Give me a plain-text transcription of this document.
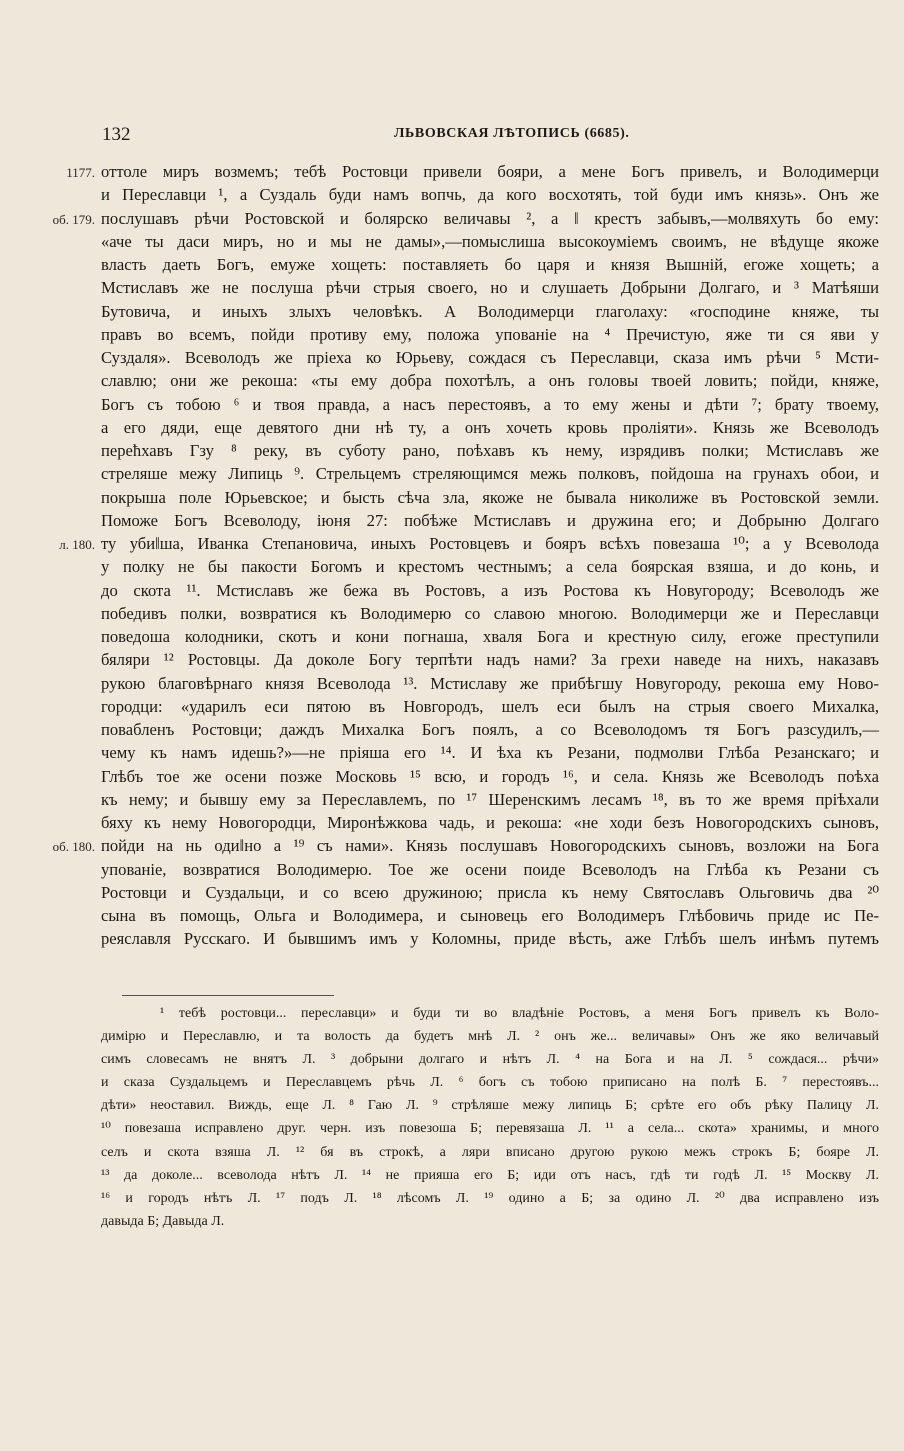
132	ЛЬВОВСКАЯ ЛѢТОПИСЬ (6685).
1177. оттоле миръ возмемъ; тебѣ Ростовци привели бояри, а мене Богъ привелъ, и Володимерци
и Переславци ¹, а Суздаль буди намъ вопчь, да кого восхотять, той буди имъ князь». Онъ же
об. 179. послушавъ рѣчи Ростовской и болярско величавы ², а ‖ крестъ забывъ,—молвяхуть бо ему:
«аче ты даси миръ, но и мы не дамы»,—помыслиша высокоуміемъ своимъ, не вѣдуще якоже
власть даеть Богъ, емуже хощеть: поставляеть бо царя и князя Вышній, егоже хощеть; а
Мстиславъ же не послуша рѣчи стрыя своего, но и слушаеть Добрыни Долгаго, и ³ Матѣяши
Бутовича, и иныхъ злыхъ человѣкъ. А Володимерци глаголаху: «господине княже, ты
правъ во всемъ, пойди противу ему, положа упованіе на ⁴ Пречистую, яже ти ся яви у
Суздаля». Всеволодъ же пріеха ко Юрьеву, сождася съ Переславци, сказа имъ рѣчи ⁵ Мсти-
славлю; они же рекоша: «ты ему добра похотѣлъ, а онъ головы твоей ловить; пойди, княже,
Богъ съ тобою ⁶ и твоя правда, а насъ перестоявъ, а то ему жены и дѣти ⁷; брату твоему,
а его дяди, еще девятого дни нѣ ту, а онъ хочеть кровь проліяти». Князь же Всеволодъ
перећхавъ Гзу ⁸ реку, въ суботу рано, поѣхавъ къ нему, изрядивъ полки; Мстиславъ же
стреляше межу Липиць ⁹. Стрельцемъ стреляющимся межь полковъ, пойдоша на грунахъ обои, и
покрыша поле Юрьевское; и бысть сѣча зла, якоже не бывала николиже въ Ростовской земли.
Поможе Богъ Всеволоду, іюня 27: побѣже Мстиславъ и дружина его; и Добрыню Долгаго
л. 180. ту уби‖ша, Иванка Степановича, иныхъ Ростовцевъ и бояръ всѣхъ повезаша ¹⁰; а у Всеволода
у полку не бы пакости Богомъ и крестомъ честнымъ; а села боярская взяша, и до конь, и
до скота ¹¹. Мстиславъ же бежа въ Ростовъ, а изъ Ростова къ Новугороду; Всеволодъ же
победивъ полки, возвратися къ Володимерю со славою многою. Володимерци же и Переславци
поведоша колодники, скотъ и кони погнаша, хваля Бога и крестную силу, егоже преступили
бяляри ¹² Ростовцы. Да доколе Богу терпѣти надъ нами? За грехи наведе на нихъ, наказавъ
рукою благовѣрнаго князя Всеволода ¹³. Мстиславу же прибѣгшу Новугороду, рекоша ему Ново-
городци: «ударилъ еси пятою въ Новгородъ, шелъ еси былъ на стрыя своего Михалка,
повабленъ Ростовци; даждъ Михалка Богъ поялъ, а со Всеволодомъ тя Богъ разсудилъ,—
чему къ намъ идешь?»—не пріяша его ¹⁴. И ѣха къ Резани, подмолви Глѣба Резанскаго; и
Глѣбъ тое же осени позже Московь ¹⁵ всю, и городъ ¹⁶, и села. Князь же Всеволодъ поѣха
къ нему; и бывшу ему за Переславлемъ, по ¹⁷ Шеренскимъ лесамъ ¹⁸, въ то же время пріѣхали
бяху къ нему Новогородци, Миронѣжкова чадь, и рекоша: «не ходи безъ Новогородскихъ сыновъ,
об. 180. пойди на нь оди‖но а ¹⁹ съ нами». Князь послушавъ Новогородскихъ сыновъ, возложи на Бога
упованіе, возвратися Володимерю. Тое же осени поиде Всеволодъ на Глѣба къ Резани съ
Ростовци и Суздальци, и со всею дружиною; присла къ нему Святославъ Ольговичь два ²⁰
сына въ помощь, Ольга и Володимера, и сыновець его Володимеръ Глѣбовичь приде ис Пе-
реяславля Русскаго. И бывшимъ имъ у Коломны, приде вѣсть, аже Глѣбъ шелъ инѣмъ путемъ
¹ тебѣ ростовци... переславци» и буди ти во владѣніе Ростовъ, а меня Богъ привелъ къ Воло-
димірю и Переславлю, и та волость да будетъ мнѣ Л. ² онъ же... величавы» Онъ же яко величавый
симъ словесамъ не внятъ Л. ³ добрыни долгаго и нѣтъ Л. ⁴ на Бога и на Л. ⁵ сождася... рѣчи»
и сказа Суздальцемъ и Переславцемъ рѣчь Л. ⁶ богъ съ тобою приписано на полѣ Б. ⁷ перестоявъ...
дѣти» неоставил. Виждь, еще Л. ⁸ Гаю Л. ⁹ стрѣляше межу липиць Б; срѣте его объ рѣку Палицу Л.
¹⁰ повезаша исправлено друг. черн. изъ повезоша Б; перевязаша Л. ¹¹ а села... скота» хранимы, и много
селъ и скота взяша Л. ¹² бя въ строкѣ, а ляри вписано другою рукою межъ строкъ Б; бояре Л.
¹³ да доколе... всеволода нѣтъ Л. ¹⁴ не прияша его Б; иди отъ насъ, гдѣ ти годѣ Л. ¹⁵ Москву Л.
¹⁶ и городъ нѣтъ Л. ¹⁷ подъ Л. ¹⁸ лѣсомъ Л. ¹⁹ одино а Б; за одино Л. ²⁰ два исправлено изъ
давыда Б; Давыда Л.
